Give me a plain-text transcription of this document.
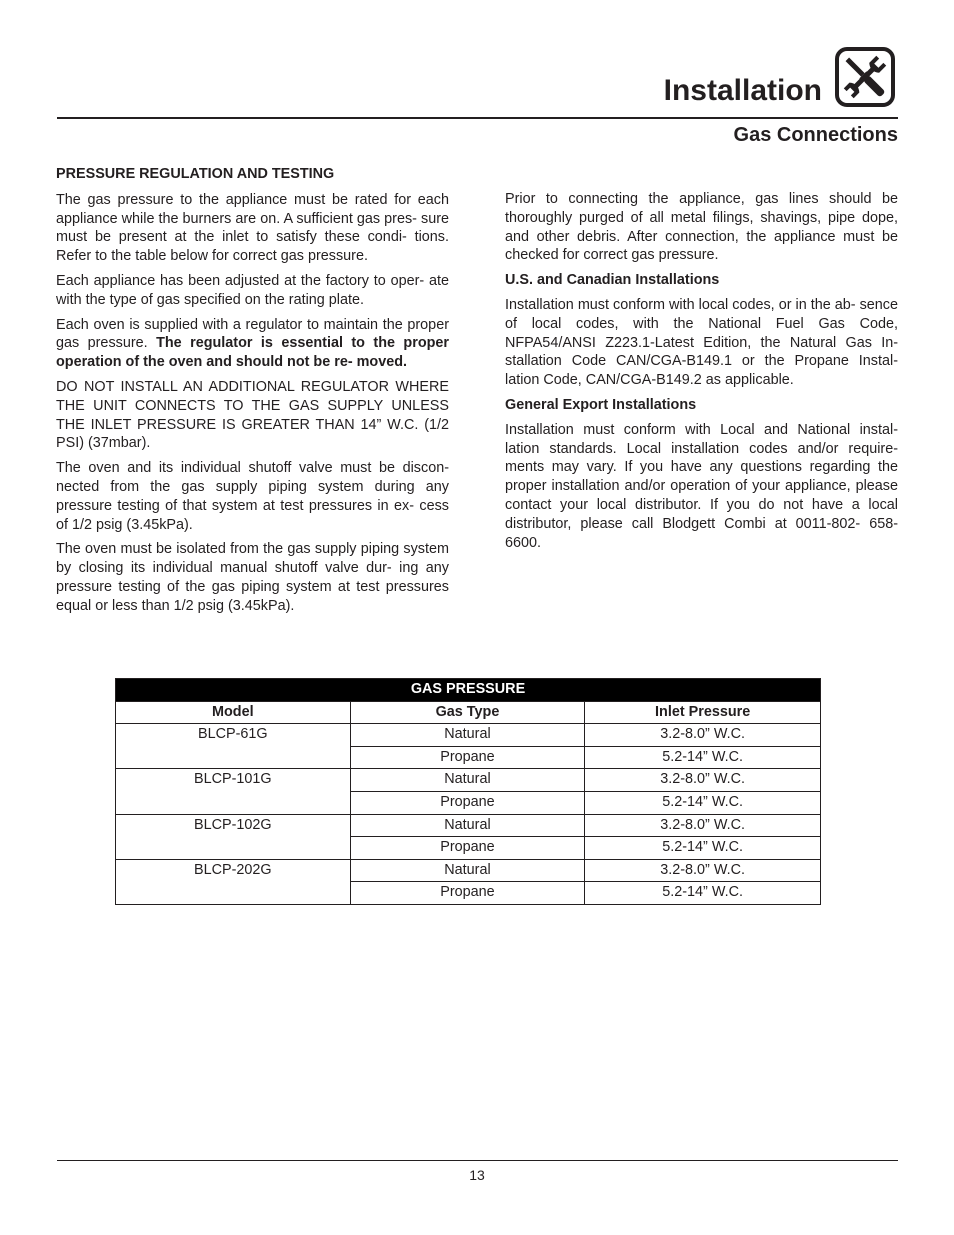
Installation
Gas Connections
PRESSURE REGULATION AND TESTING

The gas pressure to the appliance must be rated for each appliance while the burners are on. A sufficient gas pres- sure must be present at the inlet to satisfy these condi- tions. Refer to the table below for correct gas pressure.

Each appliance has been adjusted at the factory to oper- ate with the type of gas specified on the rating plate.

Each oven is supplied with a regulator to maintain the proper gas pressure. The regulator is essential to the proper operation of the oven and should not be re- moved.

DO NOT INSTALL AN ADDITIONAL REGULATOR WHERE THE UNIT CONNECTS TO THE GAS SUPPLY UNLESS THE INLET PRESSURE IS GREATER THAN 14” W.C. (1/2 PSI) (37mbar).

The oven and its individual shutoff valve must be discon- nected from the gas supply piping system during any pressure testing of that system at test pressures in ex- cess of 1/2 psig (3.45kPa).

The oven must be isolated from the gas supply piping system by closing its individual manual shutoff valve dur- ing any pressure testing of the gas piping system at test pressures equal or less than 1/2 psig (3.45kPa).

Prior to connecting the appliance, gas lines should be thoroughly purged of all metal filings, shavings, pipe dope, and other debris. After connection, the appliance must be checked for correct gas pressure.

U.S. and Canadian Installations

Installation must conform with local codes, or in the ab- sence of local codes, with the National Fuel Gas Code, NFPA54/ANSI Z223.1-Latest Edition, the Natural Gas In- stallation Code CAN/CGA-B149.1 or the Propane Instal- lation Code, CAN/CGA-B149.2 as applicable.

General Export Installations

Installation must conform with Local and National instal- lation standards. Local installation codes and/or require- ments may vary. If you have any questions regarding the proper installation and/or operation of your appliance, please contact your local distributor. If you do not have a local distributor, please call Blodgett Combi at 0011-802- 658-6600.

GAS PRESSURE		
Model	Gas Type	Inlet Pressure
BLCP-61G	Natural	3.2-8.0” W.C.
	Propane	5.2-14” W.C.
BLCP-101G	Natural	3.2-8.0” W.C.
	Propane	5.2-14” W.C.
BLCP-102G	Natural	3.2-8.0” W.C.
	Propane	5.2-14” W.C.
BLCP-202G	Natural	3.2-8.0” W.C.
	Propane	5.2-14” W.C.
13
